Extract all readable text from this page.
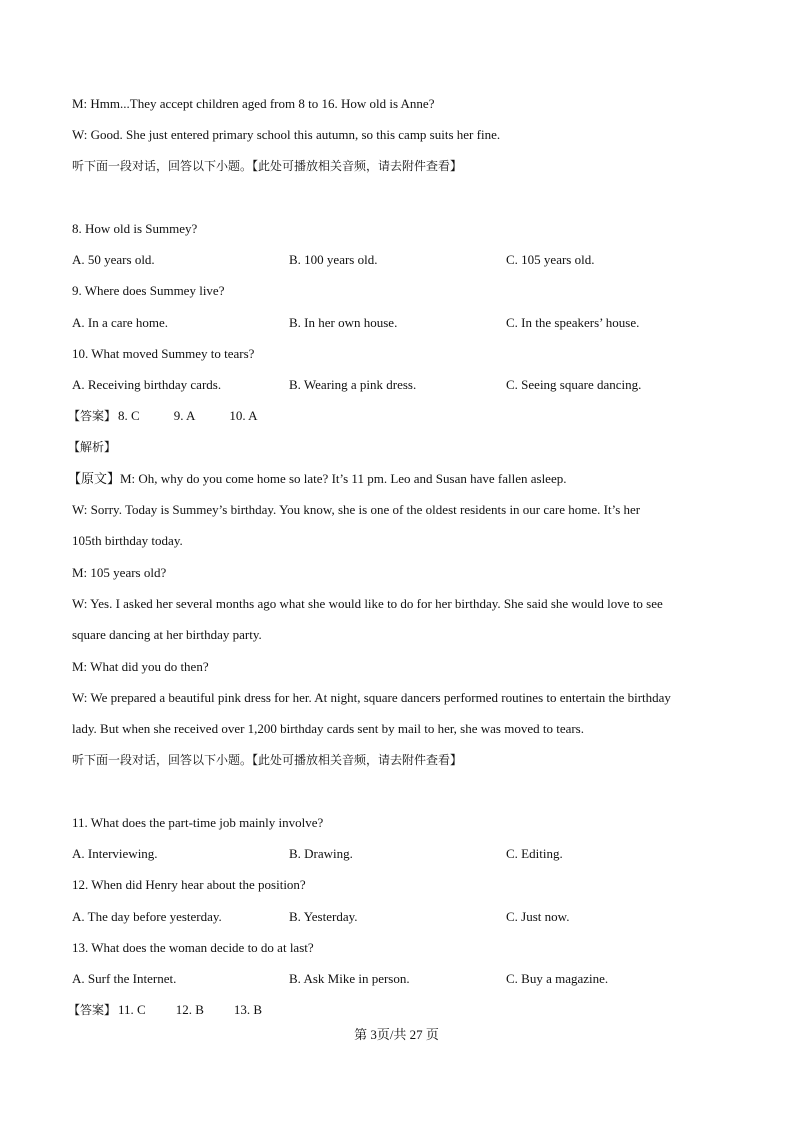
M: Hmm...They accept children aged from 8 to 16. How old is Anne?
W: Good. She just entered primary school this autumn, so this camp suits her fine.
听下面一段对话，回答以下小题。【此处可播放相关音频，请去附件查看】
8. How old is Summey?
A. 50 years old.	B. 100 years old.	C. 105 years old.
9. Where does Summey live?
A. In a care home.	B. In her own house.	C. In the speakers’ house.
10. What moved Summey to tears?
A. Receiving birthday cards.	B. Wearing a pink dress.	C. Seeing square dancing.
【答案】 8. C	9. A	10. A
【解析】
【原文】M: Oh, why do you come home so late? It’s 11 pm. Leo and Susan have fallen asleep.
W: Sorry. Today is Summey’s birthday. You know, she is one of the oldest residents in our care home. It’s her
105th birthday today.
M: 105 years old?
W: Yes. I asked her several months ago what she would like to do for her birthday. She said she would love to see
square dancing at her birthday party.
M: What did you do then?
W: We prepared a beautiful pink dress for her. At night, square dancers performed routines to entertain the birthday
lady. But when she received over 1,200 birthday cards sent by mail to her, she was moved to tears.
听下面一段对话，回答以下小题。【此处可播放相关音频，请去附件查看】
11. What does the part-time job mainly involve?
A. Interviewing.	B. Drawing.	C. Editing.
12. When did Henry hear about the position?
A. The day before yesterday.	B. Yesterday.	C. Just now.
13. What does the woman decide to do at last?
A. Surf the Internet.	B. Ask Mike in person.	C. Buy a magazine.
【答案】 11. C 12. B 13. B
第 3页/共 27 页
